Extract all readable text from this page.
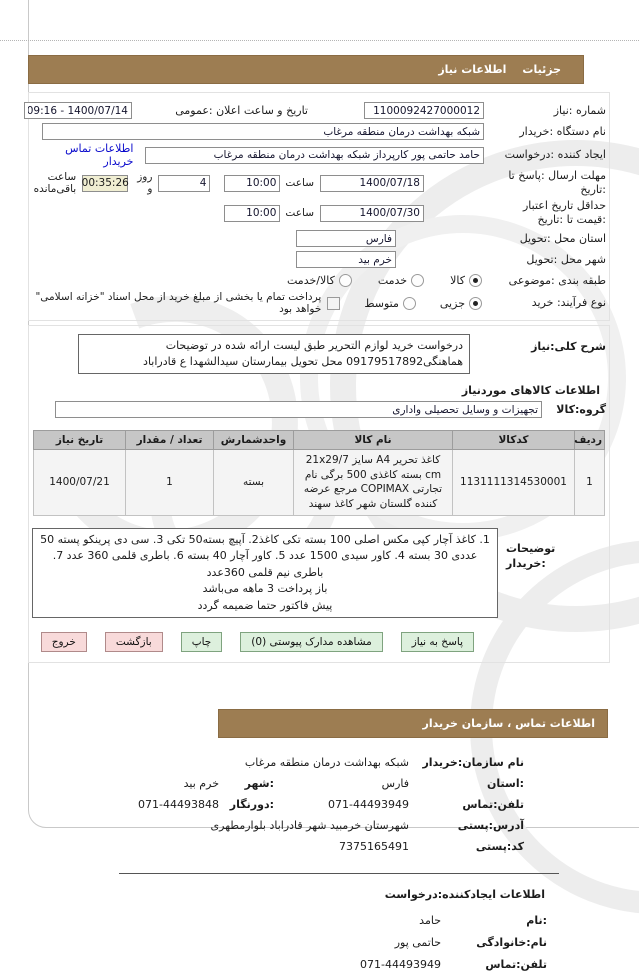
جزئیات
اطلاعات نیاز
شماره :نیاز
1100092427000012
تاریخ و ساعت اعلان :عمومی
1400/07/14 - 09:16
نام دستگاه :خریدار
شبکه بهداشت درمان منطقه مرغاب
ایجاد کننده :درخواست
حامد حاتمی پور کارپرداز شبکه بهداشت درمان منطقه مرغاب
اطلاعات تماس خریدار
مهلت ارسال :پاسخ تا
:تاریخ
1400/07/18
ساعت
10:00
4
روز و
00:35:26
ساعت باقی‌مانده
حداقل تاریخ اعتبار
:قیمت تا :تاریخ
1400/07/30
ساعت
10:00
استان محل :تحویل
فارس
شهر محل :تحویل
خرم بید
طبقه بندی :موضوعی
کالا
خدمت
کالا/خدمت
نوع فرآیند: خرید
جزیی
متوسط
پرداخت تمام یا بخشی از مبلغ خرید از محل اسناد "خزانه اسلامی" خواهد بود
شرح کلی:نیاز
درخواست خرید لوازم التحریر طبق لیست ارائه شده در توضیحات هماهنگی09179517892 محل تحویل بیمارستان سیدالشهدا ع قادراباد
اطلاعات کالاهای موردنیاز
گروه:کالا
تجهیزات و وسایل تحصیلی واداری
ردیف	کدکالا	نام کالا	واحدشمارش	تعداد / مقدار	تاریخ نیاز
1	1131111314530001	کاغذ تحریر A4 سایز 21x29/7 cm بسته کاغذی 500 برگی نام تجارتی COPIMAX مرجع عرضه کننده گلستان شهر کاغذ سهند	بسته	1	1400/07/21
توضیحات
:خریدار
1. کاغذ آچار کپی مکس اصلی 100 بسته تکی کاغذ2. آپیچ بسته50 تکی 3. سی دی پرینکو پسته 50 عددی 30 بسته 4. کاور سیدی 1500 عدد 5. کاور آچار 40 بسته 6. باطری قلمی 360 عدد 7. باطری نیم قلمی 360عدد
باز پرداخت 3 ماهه می‌باشد
پیش فاکتور حتما ضمیمه گردد
پاسخ به نیاز
مشاهده مدارک پیوستی (0)
چاپ
بازگشت
خروج
اطلاعات تماس ، سازمان خریدار
نام سازمان:خریدار
شبکه بهداشت درمان منطقه مرغاب
:استان
فارس
:شهر
خرم بید
تلفن:تماس
071-44493949
:دورنگار
071-44493848
آدرس:پستی
شهرستان خرمبید شهر قادراباد بلوارمطهری
کد:پستی
7375165491
اطلاعات ایجادکننده:درخواست
:نام
حامد
نام:خانوادگی
حاتمی پور
تلفن:تماس
071-44493949
